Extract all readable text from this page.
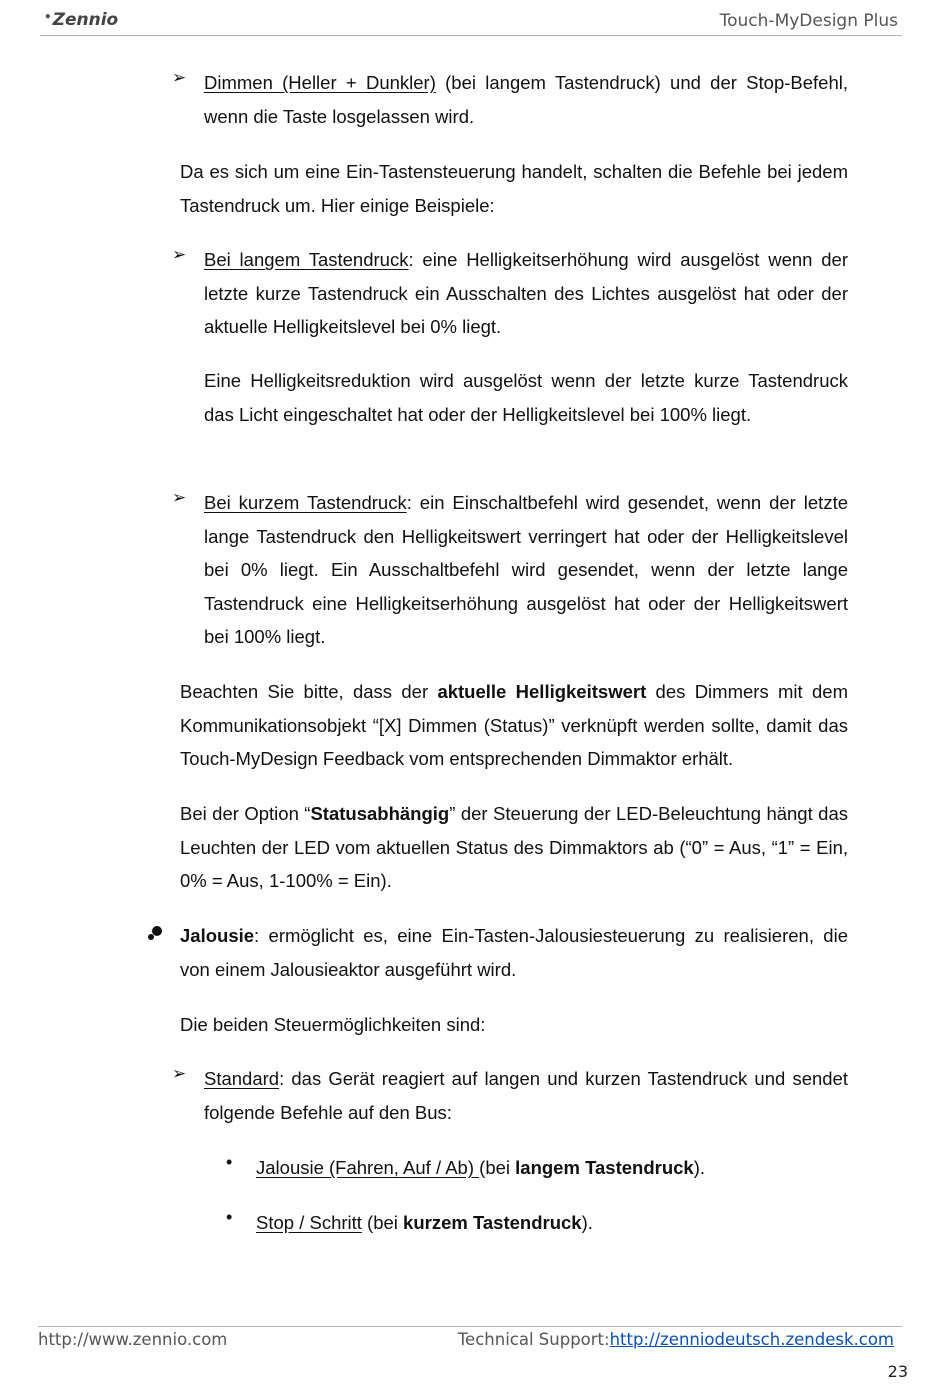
•Zennio	Touch-MyDesign Plus
➢ Dimmen (Heller + Dunkler) (bei langem Tastendruck) und der Stop-Befehl, wenn die Taste losgelassen wird.

Da es sich um eine Ein-Tastensteuerung handelt, schalten die Befehle bei jedem Tastendruck um. Hier einige Beispiele:

➢ Bei langem Tastendruck: eine Helligkeitserhöhung wird ausgelöst wenn der letzte kurze Tastendruck ein Ausschalten des Lichtes ausgelöst hat oder der aktuelle Helligkeitslevel bei 0% liegt.

Eine Helligkeitsreduktion wird ausgelöst wenn der letzte kurze Tastendruck das Licht eingeschaltet hat oder der Helligkeitslevel bei 100% liegt.

➢ Bei kurzem Tastendruck: ein Einschaltbefehl wird gesendet, wenn der letzte lange Tastendruck den Helligkeitswert verringert hat oder der Helligkeitslevel bei 0% liegt. Ein Ausschaltbefehl wird gesendet, wenn der letzte lange Tastendruck eine Helligkeitserhöhung ausgelöst hat oder der Helligkeitswert bei 100% liegt.

Beachten Sie bitte, dass der aktuelle Helligkeitswert des Dimmers mit dem Kommunikationsobjekt “[X] Dimmen (Status)” verknüpft werden sollte, damit das Touch-MyDesign Feedback vom entsprechenden Dimmaktor erhält.

Bei der Option “Statusabhängig” der Steuerung der LED-Beleuchtung hängt das Leuchten der LED vom aktuellen Status des Dimmaktors ab (“0” = Aus, “1” = Ein, 0% = Aus, 1-100% = Ein).

Jalousie: ermöglicht es, eine Ein-Tasten-Jalousiesteuerung zu realisieren, die von einem Jalousieaktor ausgeführt wird.

Die beiden Steuermöglichkeiten sind:

➢ Standard: das Gerät reagiert auf langen und kurzen Tastendruck und sendet folgende Befehle auf den Bus:

• Jalousie (Fahren, Auf / Ab) (bei langem Tastendruck).

• Stop / Schritt (bei kurzem Tastendruck).

http://www.zennio.com	Technical Support:http://zenniodeutsch.zendesk.com
23
